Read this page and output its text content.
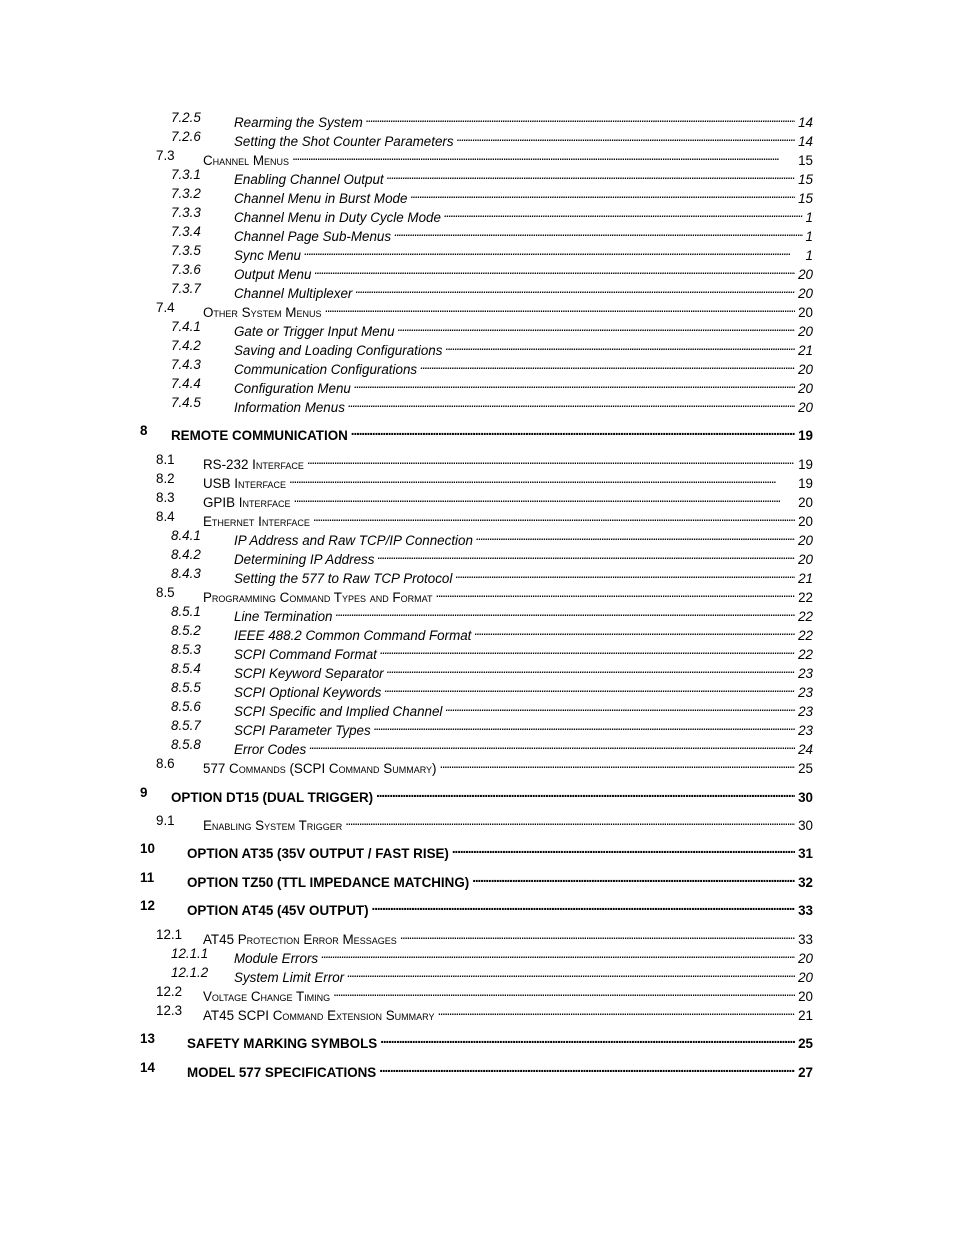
7.2.5 Rearming the System . . .	14
7.2.6 Setting the Shot Counter Parameters . . .	14
7.3 Channel Menus . . .	15
7.3.1 Enabling Channel Output . . .	15
7.3.2 Channel Menu in Burst Mode . . .	15
7.3.3 Channel Menu in Duty Cycle Mode . . .	1
7.3.4 Channel Page Sub-Menus . . .	1
7.3.5 Sync Menu . . .	1
7.3.6 Output Menu . . .	20
7.3.7 Channel Multiplexer . . .	20
7.4 Other System Menus . . .	20
7.4.1 Gate or Trigger Input Menu . . .	20
7.4.2 Saving and Loading Configurations . . .	21
7.4.3 Communication Configurations . . .	20
7.4.4 Configuration Menu . . .	20
7.4.5 Information Menus . . .	20
8 REMOTE COMMUNICATION . . .	19
8.1 RS-232 Interface . . .	19
8.2 USB Interface . . .	19
8.3 GPIB Interface . . .	20
8.4 Ethernet Interface . . .	20
8.4.1 IP Address and Raw TCP/IP Connection . . .	20
8.4.2 Determining IP Address . . .	20
8.4.3 Setting the 577 to Raw TCP Protocol . . .	21
8.5 Programming Command Types and Format . . .	22
8.5.1 Line Termination . . .	22
8.5.2 IEEE 488.2 Common Command Format . . .	22
8.5.3 SCPI Command Format . . .	22
8.5.4 SCPI Keyword Separator . . .	23
8.5.5 SCPI Optional Keywords . . .	23
8.5.6 SCPI Specific and Implied Channel . . .	23
8.5.7 SCPI Parameter Types . . .	23
8.5.8 Error Codes . . .	24
8.6 577 Commands (SCPI Command Summary) . . .	25
9 OPTION DT15 (DUAL TRIGGER) . . .	30
9.1 Enabling System Trigger . . .	30
10 OPTION AT35 (35V OUTPUT / FAST RISE) . . .	31
11 OPTION TZ50 (TTL IMPEDANCE MATCHING) . . .	32
12 OPTION AT45 (45V OUTPUT) . . .	33
12.1 AT45 Protection Error Messages . . .	33
12.1.1 Module Errors . . .	20
12.1.2 System Limit Error . . .	20
12.2 Voltage Change Timing . . .	20
12.3 AT45 SCPI Command Extension Summary . . .	21
13 SAFETY MARKING SYMBOLS . . .	25
14 MODEL 577 SPECIFICATIONS . . .	27
